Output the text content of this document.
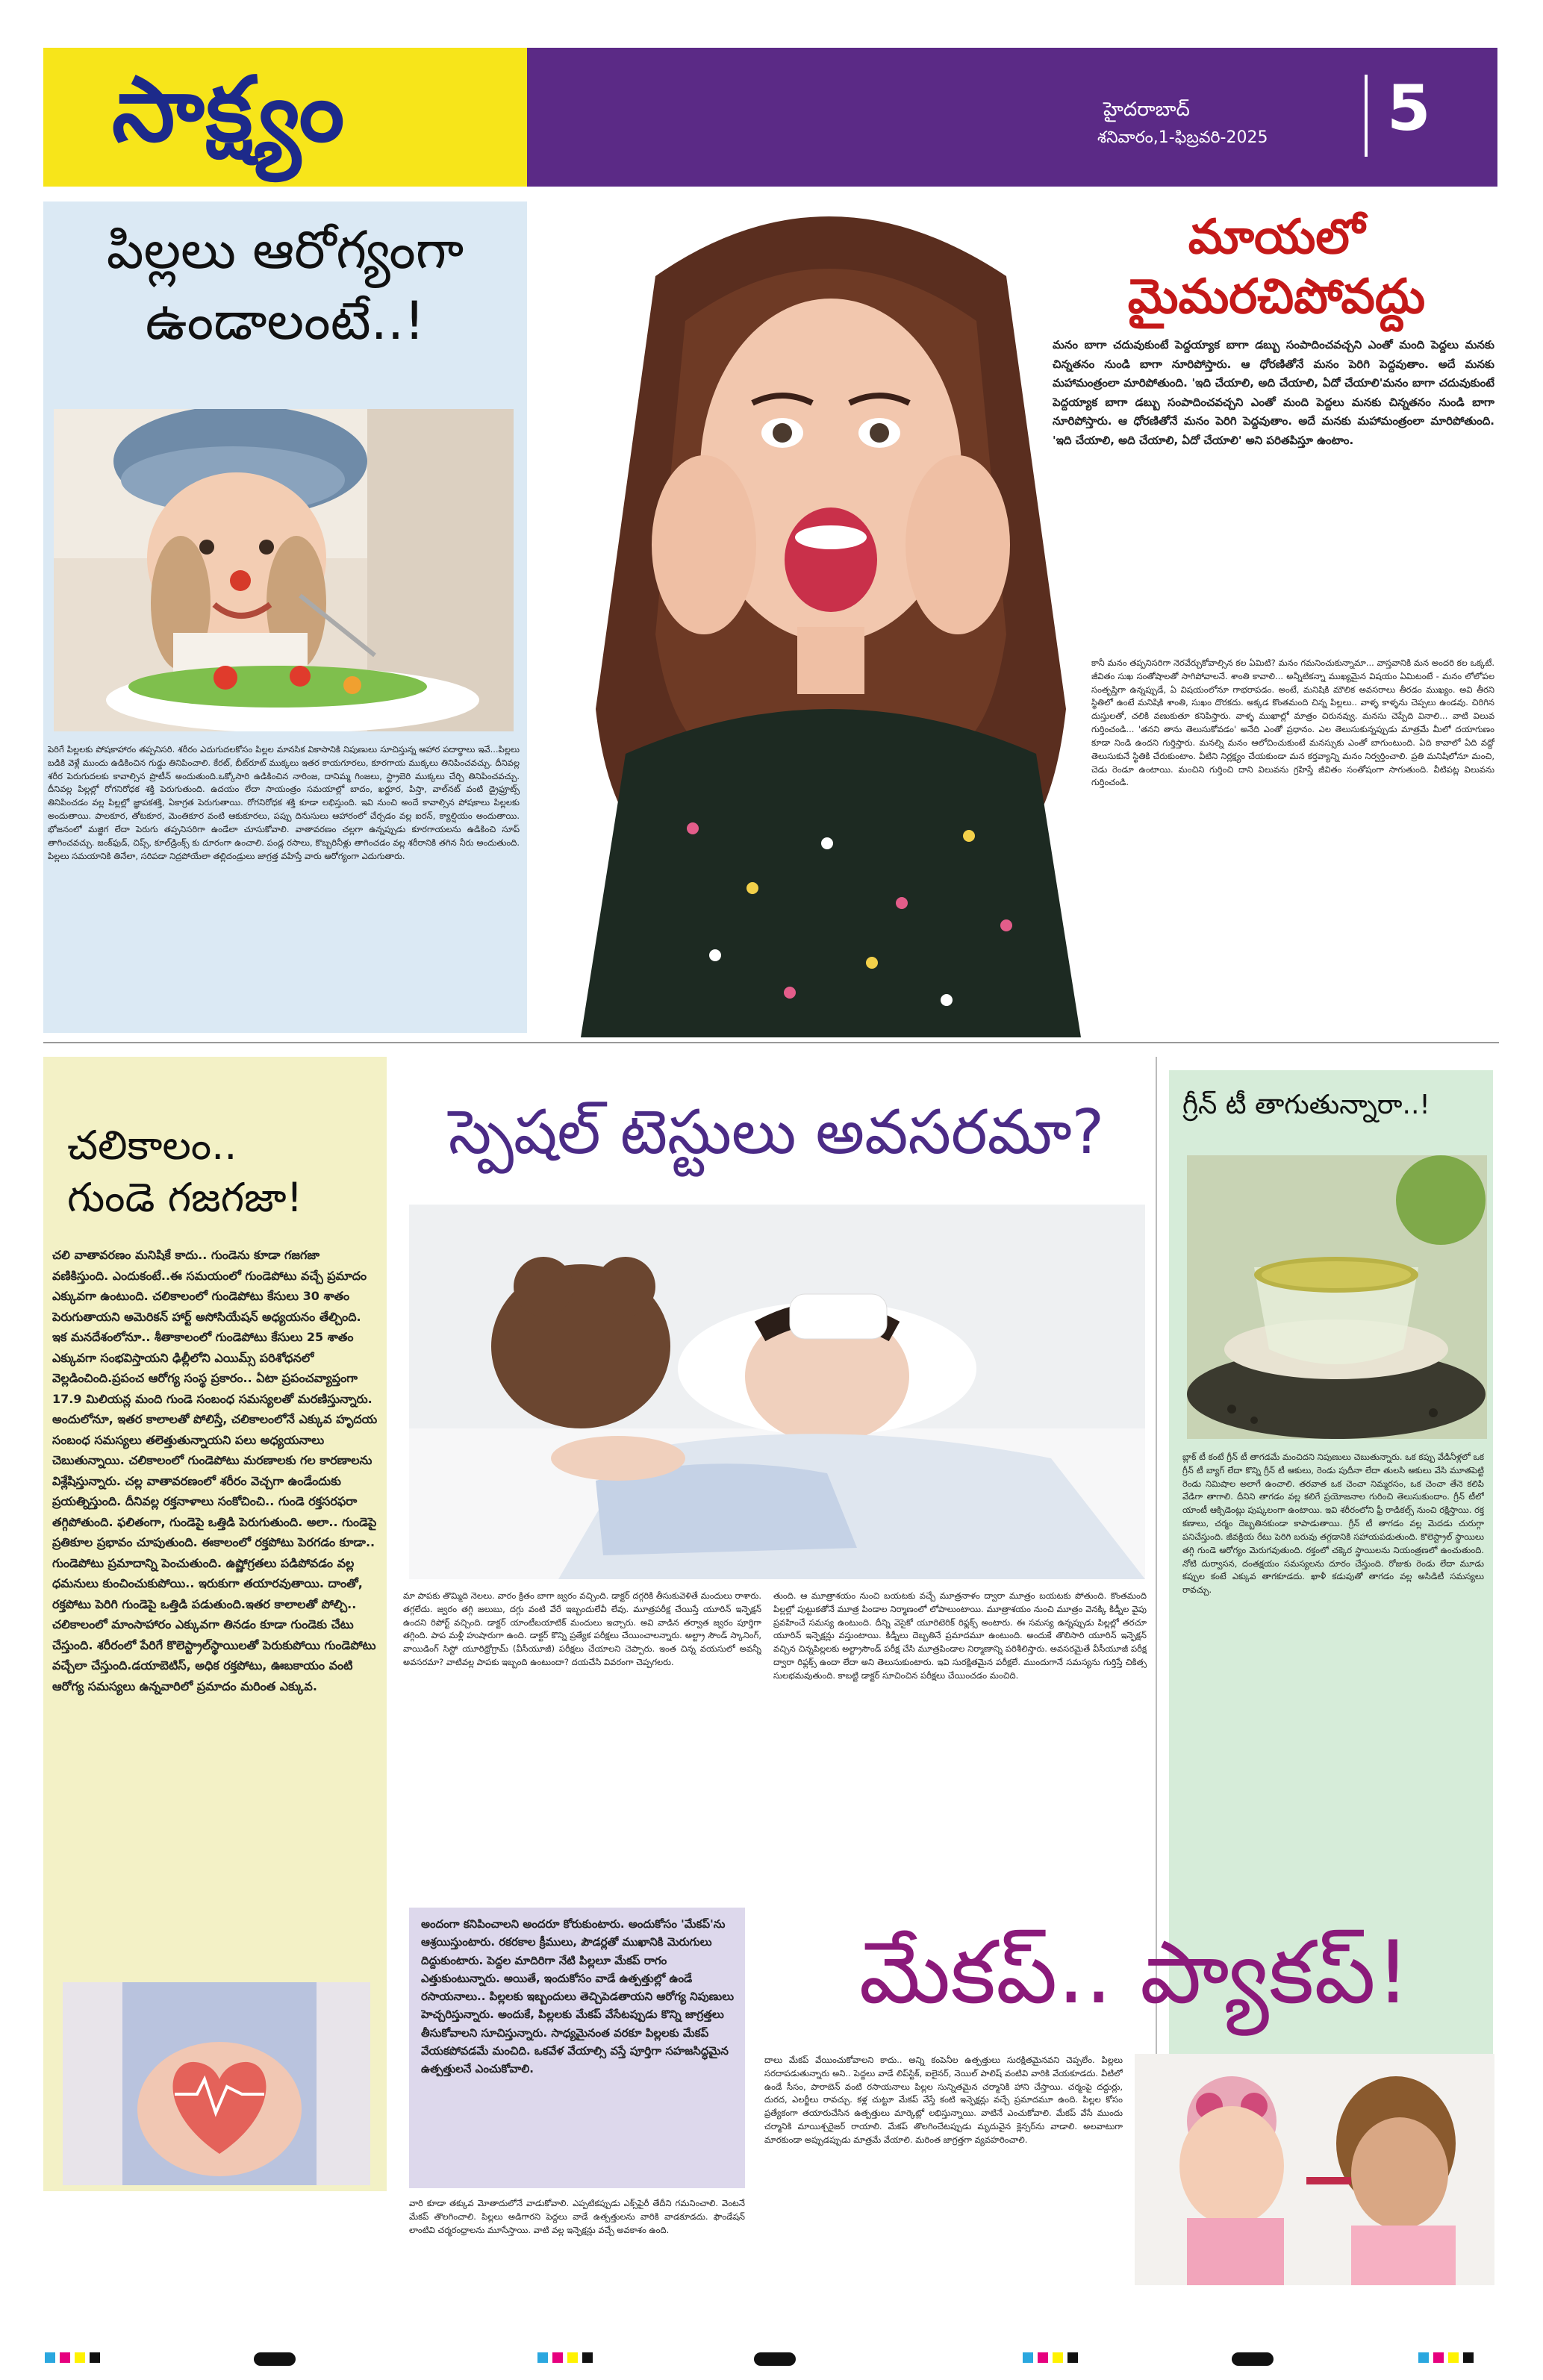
సాక్ష్యం	హైదరాబాద్
శనివారం,1-ఫిబ్రవరి-2025 5
పిల్లలు ఆరోగ్యంగా
ఉండాలంటే..!
పెరిగే పిల్లలకు పోషకాహారం తప్పనిసరి. శరీరం ఎదుగుదలకోసం పిల్లల మానసిక వికాసానికి నిపుణులు సూచిస్తున్న ఆహార పదార్థాలు ఇవే...పిల్లలు బడికి వెళ్లే ముందు ఉడికించిన గుడ్డు తినిపించాలి. కేరట్, బీట్‌రూట్ ముక్కలు ఇతర కాయగూరలు, కూరగాయ ముక్కలు తినిపించవచ్చు. దీనివల్ల శరీర పెరుగుదలకు కావాల్సిన ప్రొటీన్ అందుతుంది.ఒక్కోసారి ఉడికించిన నారింజ, దానిమ్మ గింజలు, స్ట్రాబెరి ముక్కలు చేర్చి తినిపించవచ్చు. దీనివల్ల పిల్లల్లో రోగనిరోధక శక్తి పెరుగుతుంది. ఉదయం లేదా సాయంత్రం సమయాల్లో బాదం, ఖర్జూర, పిస్తా, వాల్‌నట్ వంటి డ్రైఫ్రూట్స్ తినిపించడం వల్ల పిల్లల్లో జ్ఞాపకశక్తి, ఏకాగ్రత పెరుగుతాయి. రోగనిరోధక శక్తి కూడా లభిస్తుంది. ఇవి నుంచి అందే కావాల్సిన పోషకాలు పిల్లలకు అందుతాయి. పాలకూర, తోటకూర, మెంతికూర వంటి ఆకుకూరలు, పప్పు దినుసులు ఆహారంలో చేర్చడం వల్ల ఐరన్, క్యాల్షియం అందుతాయి. భోజనంలో మజ్జిగ లేదా పెరుగు తప్పనిసరిగా ఉండేలా చూసుకోవాలి. వాతావరణం చల్లగా ఉన్నప్పుడు కూరగాయలను ఉడికించి సూప్ తాగించవచ్చు. జంక్‌ఫుడ్, చిప్స్, కూల్‌డ్రింక్స్ కు దూరంగా ఉంచాలి. పండ్ల రసాలు, కొబ్బరినీళ్లు తాగించడం వల్ల శరీరానికి తగిన నీరు అందుతుంది. పిల్లలు సమయానికి తినేలా, సరిపడా నిద్రపోయేలా తల్లిదండ్రులు జాగ్రత్త వహిస్తే వారు ఆరోగ్యంగా ఎదుగుతారు.
మాయలో
మైమరచిపోవద్దు
మనం బాగా చదువుకుంటే పెద్దయ్యాక బాగా డబ్బు సంపాదించవచ్చని ఎంతో మంది పెద్దలు మనకు చిన్నతనం నుండి బాగా నూరిపోస్తారు. ఆ ధోరణితోనే మనం పెరిగి పెద్దవుతాం. అదే మనకు మహామంత్రంలా మారిపోతుంది. 'ఇది చేయాలి, అది చేయాలి, ఏదో చేయాలి'మనం బాగా చదువుకుంటే పెద్దయ్యాక బాగా డబ్బు సంపాదించవచ్చని ఎంతో మంది పెద్దలు మనకు చిన్నతనం నుండి బాగా నూరిపోస్తారు. ఆ ధోరణితోనే మనం పెరిగి పెద్దవుతాం. అదే మనకు మహామంత్రంలా మారిపోతుంది. 'ఇది చేయాలి, అది చేయాలి, ఏదో చేయాలి' అని పరితపిస్తూ ఉంటాం.
కానీ మనం తప్పనిసరిగా నెరవేర్చుకోవాల్సిన కల ఏమిటి? మనం గమనించుకున్నామా... వాస్తవానికి మన అందరి కల ఒక్కటే. జీవితం సుఖ సంతోషాలతో సాగిపోవాలనే. శాంతి కావాలి... అన్నీటికన్నా ముఖ్యమైన విషయం ఏమిటంటే - మనం లోలోపల సంతృప్తిగా ఉన్నప్పుడే, ఏ విషయంలోనూ గాభరాపడం. అంటే, మనిషికి మౌలిక అవసరాలు తీరడం ముఖ్యం. అవి తీరని స్థితిలో ఉంటే మనిషికి శాంతి, సుఖం దొరకదు. అక్కడ కొంతమంది చిన్న పిల్లలు.. వాళ్ళ కాళ్ళను చెప్పలు ఉండవు. చిరిగిన దుస్తులతో, చలికి వణుకుతూ కనిపిస్తారు. వాళ్ళ ముఖాల్లో మాత్రం చిరునవ్వు. మనసు చెప్పేది వినాలి... వాటి విలువ గుర్తించండి... 'తనని తాను తెలుసుకోవడం' అనేది ఎంతో ప్రధానం. ఎల తెలుసుకున్నప్పుడు మాత్రమే మీలో దయాగుణం కూడా నిండి ఉందని గుర్తిస్తారు. మనల్ని మనం ఆలోచించుకుంటే మనస్సుకు ఎంతో బాగుంటుంది. ఏది కావాలో ఏది వద్దో తెలుసుకునే స్థితికి చేరుకుంటాం. వీటిని నిర్లక్ష్యం చేయకుండా మన కర్తవ్యాన్ని మనం నిర్వర్తించాలి. ప్రతి మనిషిలోనూ మంచి, చెడు రెండూ ఉంటాయి. మంచిని గుర్తించి దాని విలువను గ్రహిస్తే జీవితం సంతోషంగా సాగుతుంది. వీటిపట్ల విలువను గుర్తించండి.
చలికాలం..
గుండె గజగజా!
చలి వాతావరణం మనిషికే కాదు.. గుండెను కూడా గజగజా వణికిస్తుంది. ఎందుకంటే..ఈ సమయంలో గుండెపోటు వచ్చే ప్రమాదం ఎక్కువగా ఉంటుంది. చలికాలంలో గుండెపోటు కేసులు 30 శాతం పెరుగుతాయని అమెరికన్ హార్ట్ అసోసియేషన్ అధ్యయనం తేల్చింది. ఇక మనదేశంలోనూ.. శీతాకాలంలో గుండెపోటు కేసులు 25 శాతం ఎక్కువగా సంభవిస్తాయని ఢిల్లీలోని ఎయిమ్స్ పరిశోధనలో వెల్లడించింది.ప్రపంచ ఆరోగ్య సంస్థ ప్రకారం.. ఏటా ప్రపంచవ్యాప్తంగా 17.9 మిలియన్ల మంది గుండె సంబంధ సమస్యలతో మరణిస్తున్నారు. అందులోనూ, ఇతర కాలాలతో పోలిస్తే, చలికాలంలోనే ఎక్కువ హృదయ సంబంధ సమస్యలు తలెత్తుతున్నాయని పలు అధ్యయనాలు చెబుతున్నాయి. చలికాలంలో గుండెపోటు మరణాలకు గల కారణాలను విశ్లేషిస్తున్నారు. చల్ల వాతావరణంలో శరీరం వెచ్చగా ఉండేందుకు ప్రయత్నిస్తుంది. దీనివల్ల రక్తనాళాలు సంకోచించి.. గుండె రక్తసరఫరా తగ్గిపోతుంది. ఫలితంగా, గుండెపై ఒత్తిడి పెరుగుతుంది. అలా.. గుండెపై ప్రతికూల ప్రభావం చూపుతుంది. ఈకాలంలో రక్తపోటు పెరగడం కూడా.. గుండెపోటు ప్రమాదాన్ని పెంచుతుంది. ఉష్ణోగ్రతలు పడిపోవడం వల్ల ధమనులు కుంచించుకుపోయి.. ఇరుకుగా తయారవుతాయి. దాంతో, రక్తపోటు పెరిగి గుండెపై ఒత్తిడి పడుతుంది.ఇతర కాలాలతో పోల్చి.. చలికాలంలో మాంసాహారం ఎక్కువగా తినడం కూడా గుండెకు చేటు చేస్తుంది. శరీరంలో పేరిగే కొలెస్ట్రాల్‌స్థాయిలతో పెరుకుపోయి గుండెపోటు వచ్చేలా చేస్తుంది.డయాబెటిస్, అధిక రక్తపోటు, ఊబకాయం వంటి ఆరోగ్య సమస్యలు ఉన్నవారిలో ప్రమాదం మరింత ఎక్కువ.
స్పెషల్ టెస్టులు అవసరమా?
మా పాపకు తొమ్మిది నెలలు. వారం క్రితం బాగా జ్వరం వచ్చింది. డాక్టర్ దగ్గరికి తీసుకువెళితే మందులు రాశారు. తగ్గలేదు. జ్వరం తగ్గి జలుబు, దగ్గు వంటి వేరే ఇబ్బందులేవీ లేవు. మూత్రపరీక్ష చేయిస్తే యూరిన్ ఇన్ఫెక్షన్ ఉందని రిపోర్ట్ వచ్చింది. డాక్టర్ యాంటీబయాటిక్ మందులు ఇచ్చారు. అవి వాడిన తర్వాత జ్వరం పూర్తిగా తగ్గింది. పాప మళ్లీ హుషారుగా ఉంది. డాక్టర్ కొన్ని ప్రత్యేక పరీక్షలు చేయించాలన్నారు. అల్ట్రా సౌండ్ స్కానింగ్, వాయిడింగ్ సిస్టో యూరిథ్రోగ్రామ్ (వీసీయూజీ) పరీక్షలు చేయాలని చెప్పారు. ఇంత చిన్న వయసులో అవన్నీ అవసరమా? వాటివల్ల పాపకు ఇబ్బంది ఉంటుందా? దయచేసి వివరంగా చెప్పగలరు.
తుంది. ఆ మూత్రాశయం నుంచి బయటకు వచ్చే మూత్రనాళం ద్వారా మూత్రం బయటకు పోతుంది. కొంతమంది పిల్లల్లో పుట్టుకతోనే మూత్ర పిండాల నిర్మాణంలో లోపాలుంటాయి. మూత్రాశయం నుంచి మూత్రం వెనక్కి కిడ్నీల వైపు ప్రవహించే సమస్య ఉంటుంది. దీన్ని వెసైకో యూరిటెరిక్ రిఫ్లక్స్ అంటారు. ఈ సమస్య ఉన్నప్పుడు పిల్లల్లో తరచూ యూరిన్ ఇన్ఫెక్షన్లు వస్తుంటాయి. కిడ్నీలు దెబ్బతినే ప్రమాదమూ ఉంటుంది. అందుకే తొలిసారి యూరిన్ ఇన్ఫెక్షన్ వచ్చిన చిన్నపిల్లలకు అల్ట్రాసౌండ్ పరీక్ష చేసి మూత్రపిండాల నిర్మాణాన్ని పరిశీలిస్తారు. అవసరమైతే వీసీయూజీ పరీక్ష ద్వారా రిఫ్లక్స్ ఉందా లేదా అని తెలుసుకుంటారు. ఇవి సురక్షితమైన పరీక్షలే. ముందుగానే సమస్యను గుర్తిస్తే చికిత్స సులభమవుతుంది. కాబట్టి డాక్టర్ సూచించిన పరీక్షలు చేయించడం మంచిది.
గ్రీన్ టీ తాగుతున్నారా..!
బ్లాక్ టీ కంటే గ్రీన్ టీ తాగడమే మంచిదని నిపుణులు చెబుతున్నారు. ఒక కప్పు వేడినీళ్లలో ఒక గ్రీన్ టీ బ్యాగ్ లేదా కొన్ని గ్రీన్ టీ ఆకులు, రెండు పుదీనా లేదా తులసి ఆకులు వేసి మూతపెట్టి రెండు నిమిషాల అలాగే ఉంచాలి. తరవాత ఒక చెంచా నిమ్మరసం, ఒక చెంచా తేనె కలిపి వేడిగా తాగాలి. దీనిని తాగడం వల్ల కలిగే ప్రయోజనాల గురించి తెలుసుకుందాం. గ్రీన్ టీలో యాంటీ ఆక్సిడెంట్లు పుష్కలంగా ఉంటాయి. ఇవి శరీరంలోని ఫ్రీ రాడికల్స్ నుంచి రక్షిస్తాయి. రక్త కణాలు, చర్మం దెబ్బతినకుండా కాపాడుతాయి. గ్రీన్ టీ తాగడం వల్ల మెదడు చురుగ్గా పనిచేస్తుంది. జీవక్రియ రేటు పెరిగి బరువు తగ్గడానికి సహాయపడుతుంది. కొలెస్ట్రాల్ స్థాయిలు తగ్గి గుండె ఆరోగ్యం మెరుగవుతుంది. రక్తంలో చక్కెర స్థాయిలను నియంత్రణలో ఉంచుతుంది. నోటి దుర్వాసన, దంతక్షయం సమస్యలను దూరం చేస్తుంది. రోజుకు రెండు లేదా మూడు కప్పుల కంటే ఎక్కువ తాగకూడదు. ఖాళీ కడుపుతో తాగడం వల్ల అసిడిటీ సమస్యలు రావచ్చు.
అందంగా కనిపించాలని అందరూ కోరుకుంటారు. అందుకోసం 'మేకప్'ను ఆశ్రయిస్తుంటారు. రకరకాల క్రీములు, పౌడర్లతో ముఖానికి మెరుగులు దిద్దుకుంటారు. పెద్దల మాదిరిగా నేటి పిల్లలూ మేకప్ రాగం ఎత్తుకుంటున్నారు. అయితే, ఇందుకోసం వాడే ఉత్పత్తుల్లో ఉండే రసాయనాలు.. పిల్లలకు ఇబ్బందులు తెచ్చిపెడతాయని ఆరోగ్య నిపుణులు హెచ్చరిస్తున్నారు. అందుకే, పిల్లలకు మేకప్ వేసేటప్పుడు కొన్ని జాగ్రత్తలు తీసుకోవాలని సూచిస్తున్నారు. సాధ్యమైనంత వరకూ పిల్లలకు మేకప్ వేయకపోవడమే మంచిది. ఒకవేళ వేయాల్సి వస్తే పూర్తిగా సహజసిద్ధమైన ఉత్పత్తులనే ఎంచుకోవాలి.
మేకప్.. ప్యాకప్!
వారి కూడా తక్కువ మోతాదులోనే వాడుకోవాలి. ఎప్పటికప్పుడు ఎక్స్‌పైరీ తేదీని గమనించాలి. వెంటనే మేకప్ తొలగించాలి. పిల్లలు అడిగారని పెద్దలు వాడే ఉత్పత్తులను వారికి వాడకూడదు. ఫౌండేషన్ లాంటివి చర్మరంధ్రాలను మూసేస్తాయి. వాటి వల్ల ఇన్ఫెక్షన్లు వచ్చే అవకాశం ఉంది.
దాలు మేకప్ వేయించుకోవాలని కాదు.. అన్ని కంపెనీల ఉత్పత్తులు సురక్షితమైనవని చెప్పలేం. పిల్లలు సరదాపడుతున్నారు అని.. పెద్దలు వాడే లిప్‌స్టిక్, ఐలైనర్, నెయిల్ పాలిష్ వంటివి వారికి వేయకూడదు. వీటిలో ఉండే సీసం, పారాబెన్ వంటి రసాయనాలు పిల్లల సున్నితమైన చర్మానికి హాని చేస్తాయి. చర్మంపై దద్దుర్లు, దురద, ఎలర్జీలు రావచ్చు. కళ్ల చుట్టూ మేకప్ వేస్తే కంటి ఇన్ఫెక్షన్లు వచ్చే ప్రమాదమూ ఉంది. పిల్లల కోసం ప్రత్యేకంగా తయారుచేసిన ఉత్పత్తులు మార్కెట్లో లభిస్తున్నాయి. వాటినే ఎంచుకోవాలి. మేకప్ వేసే ముందు చర్మానికి మాయిశ్చరైజర్ రాయాలి. మేకప్ తొలగించేటప్పుడు మృదువైన క్లెన్సర్‌ను వాడాలి. అలవాటుగా మారకుండా అప్పుడప్పుడు మాత్రమే వేయాలి. మరింత జాగ్రత్తగా వ్యవహరించాలి.
